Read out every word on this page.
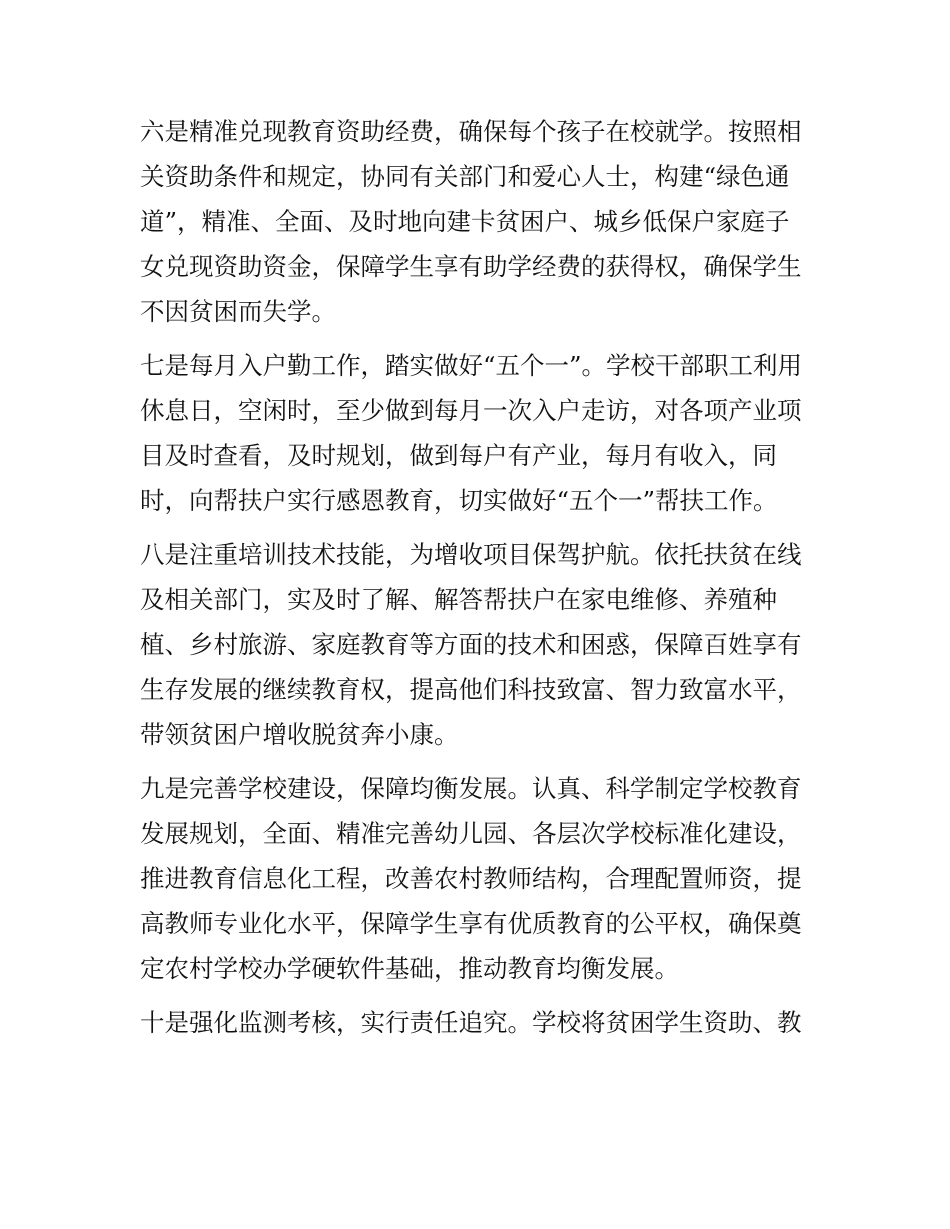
六是精准兑现教育资助经费，确保每个孩子在校就学。按照相
关资助条件和规定，协同有关部门和爱心人士，构建“绿色通
道”，精准、全面、及时地向建卡贫困户、城乡低保户家庭子
女兑现资助资金，保障学生享有助学经费的获得权，确保学生
不因贫困而失学。
七是每月入户勤工作，踏实做好“五个一”。学校干部职工利用
休息日，空闲时，至少做到每月一次入户走访，对各项产业项
目及时查看，及时规划，做到每户有产业，每月有收入，同
时，向帮扶户实行感恩教育，切实做好“五个一”帮扶工作。
八是注重培训技术技能，为增收项目保驾护航。依托扶贫在线
及相关部门，实及时了解、解答帮扶户在家电维修、养殖种
植、乡村旅游、家庭教育等方面的技术和困惑，保障百姓享有
生存发展的继续教育权，提高他们科技致富、智力致富水平，
带领贫困户增收脱贫奔小康。
九是完善学校建设，保障均衡发展。认真、科学制定学校教育
发展规划，全面、精准完善幼儿园、各层次学校标准化建设，
推进教育信息化工程，改善农村教师结构，合理配置师资，提
高教师专业化水平，保障学生享有优质教育的公平权，确保奠
定农村学校办学硬软件基础，推动教育均衡发展。
十是强化监测考核，实行责任追究。学校将贫困学生资助、教
